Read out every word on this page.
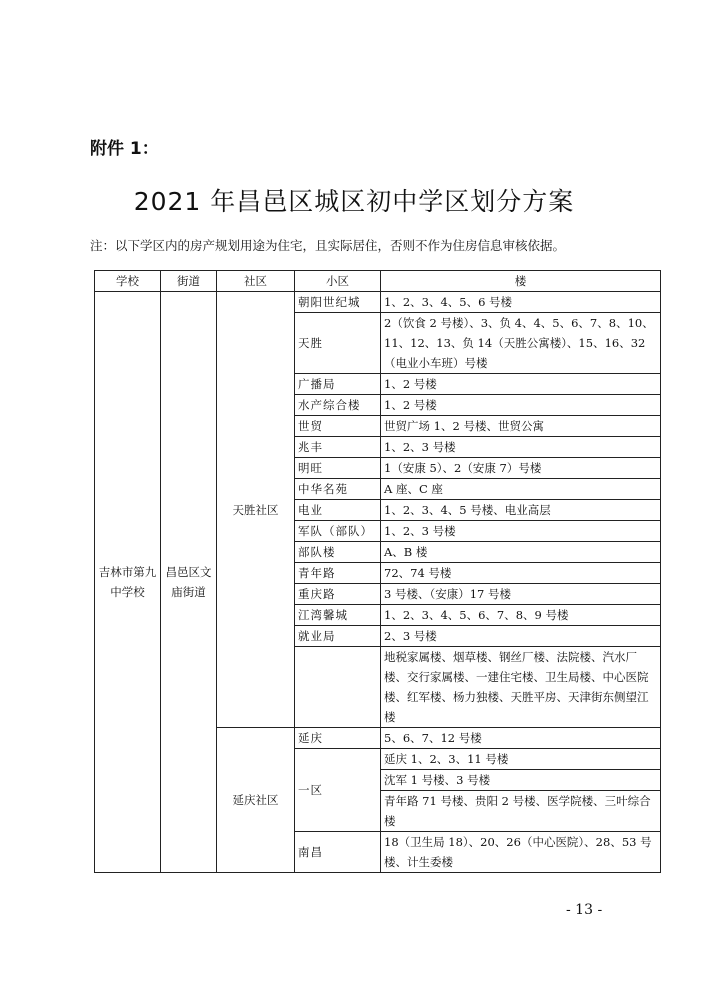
附件 1：
2021 年昌邑区城区初中学区划分方案
注：以下学区内的房产规划用途为住宅，且实际居住，否则不作为住房信息审核依据。
学校	街道	社区	小区	楼
吉林市第九中学校	昌邑区文庙街道	天胜社区	朝阳世纪城	1、2、3、4、5、6 号楼
			天胜	2（饮食 2 号楼）、3、负 4、4、5、6、7、8、10、11、12、13、负 14（天胜公寓楼）、15、16、32（电业小车班）号楼
			广播局	1、2 号楼
			水产综合楼	1、2 号楼
			世贸	世贸广场 1、2 号楼、世贸公寓
			兆丰	1、2、3 号楼
			明旺	1（安康 5）、2（安康 7）号楼
			中华名苑	A 座、C 座
			电业	1、2、3、4、5 号楼、电业高层
			军队（部队）	1、2、3 号楼
			部队楼	A、B 楼
			青年路	72、74 号楼
			重庆路	3 号楼、（安康）17 号楼
			江湾馨城	1、2、3、4、5、6、7、8、9 号楼
			就业局	2、3 号楼
				地税家属楼、烟草楼、钢丝厂楼、法院楼、汽水厂楼、交行家属楼、一建住宅楼、卫生局楼、中心医院楼、红军楼、杨力独楼、天胜平房、天津街东侧望江楼
		延庆社区	延庆	5、6、7、12 号楼
			一区	延庆 1、2、3、11 号楼
				沈军 1 号楼、3 号楼
				青年路 71 号楼、贵阳 2 号楼、医学院楼、三叶综合楼
			南昌	18（卫生局 18）、20、26（中心医院）、28、53 号楼、计生委楼
- 13 -
